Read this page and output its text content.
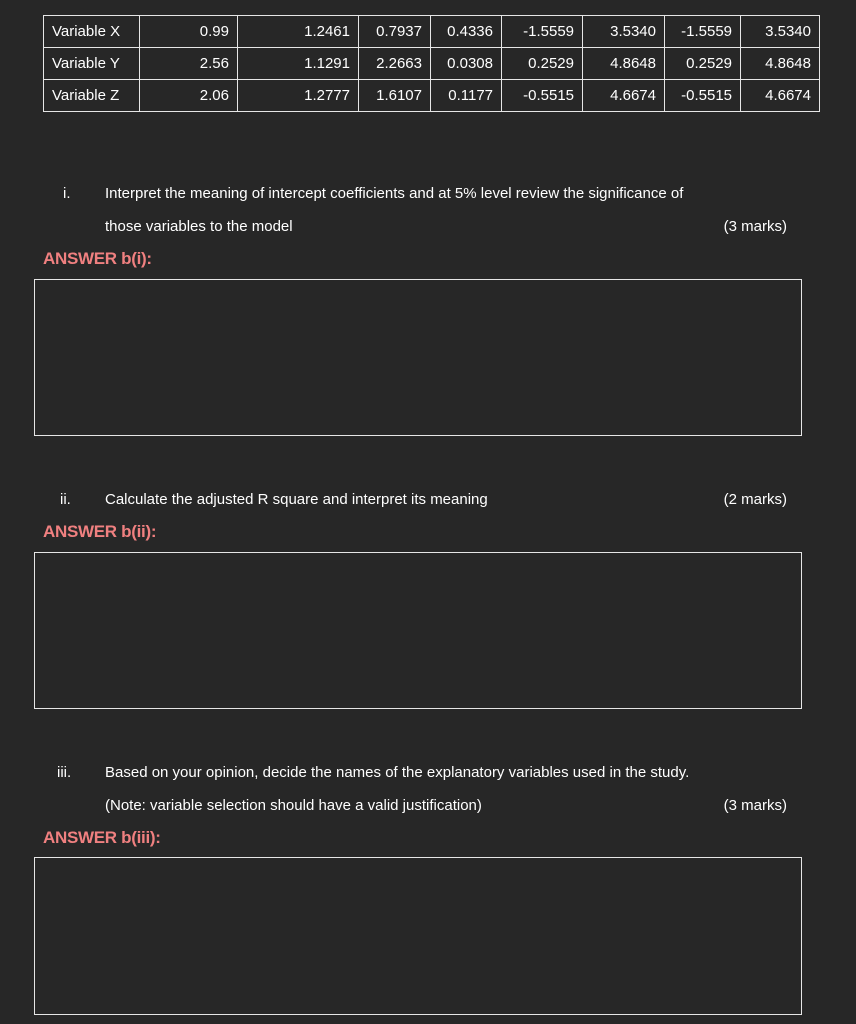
Variable X	0.99	1.2461	0.7937	0.4336	-1.5559	3.5340	-1.5559	3.5340
Variable Y	2.56	1.1291	2.2663	0.0308	0.2529	4.8648	0.2529	4.8648
Variable Z	2.06	1.2777	1.6107	0.1177	-0.5515	4.6674	-0.5515	4.6674
i. Interpret the meaning of intercept coefficients and at 5% level review the significance of
those variables to the model	(3 marks)
ANSWER b(i):
ii. Calculate the adjusted R square and interpret its meaning	(2 marks)
ANSWER b(ii):
iii. Based on your opinion, decide the names of the explanatory variables used in the study.
(Note: variable selection should have a valid justification)	(3 marks)
ANSWER b(iii):
